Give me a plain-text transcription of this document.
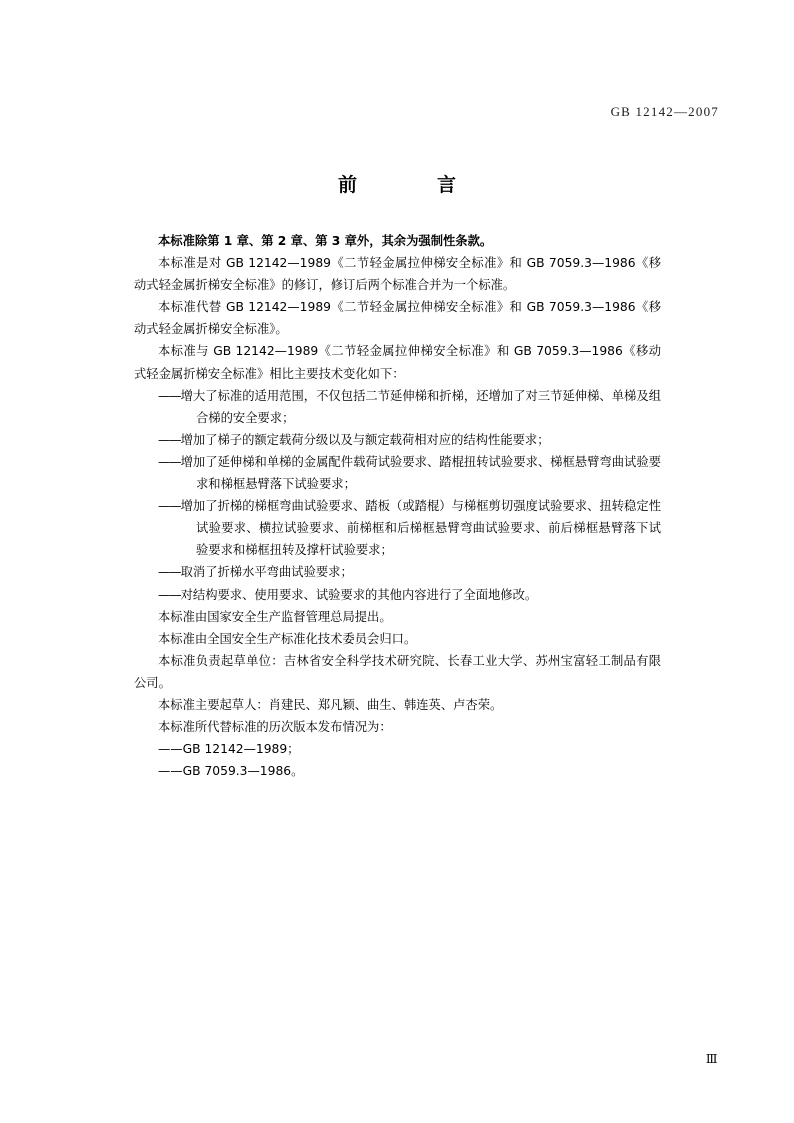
GB 12142—2007
前　　言

本标准除第 1 章、第 2 章、第 3 章外，其余为强制性条款。

本标准是对 GB 12142—1989《二节轻金属拉伸梯安全标准》和 GB 7059.3—1986《移动式轻金属折梯安全标准》的修订，修订后两个标准合并为一个标准。

本标准代替 GB 12142—1989《二节轻金属拉伸梯安全标准》和 GB 7059.3—1986《移动式轻金属折梯安全标准》。

本标准与 GB 12142—1989《二节轻金属拉伸梯安全标准》和 GB 7059.3—1986《移动式轻金属折梯安全标准》相比主要技术变化如下：

——增大了标准的适用范围，不仅包括二节延伸梯和折梯，还增加了对三节延伸梯、单梯及组合梯的安全要求；

——增加了梯子的额定载荷分级以及与额定载荷相对应的结构性能要求；

——增加了延伸梯和单梯的金属配件载荷试验要求、踏棍扭转试验要求、梯框悬臂弯曲试验要求和梯框悬臂落下试验要求；

——增加了折梯的梯框弯曲试验要求、踏板（或踏棍）与梯框剪切强度试验要求、扭转稳定性试验要求、横拉试验要求、前梯框和后梯框悬臂弯曲试验要求、前后梯框悬臂落下试验要求和梯框扭转及撑杆试验要求；

——取消了折梯水平弯曲试验要求；

——对结构要求、使用要求、试验要求的其他内容进行了全面地修改。

本标准由国家安全生产监督管理总局提出。

本标准由全国安全生产标准化技术委员会归口。

本标准负责起草单位：吉林省安全科学技术研究院、长春工业大学、苏州宝富轻工制品有限公司。

本标准主要起草人：肖建民、郑凡颖、曲生、韩连英、卢杏荣。

本标准所代替标准的历次版本发布情况为：

——GB 12142—1989；

——GB 7059.3—1986。

Ⅲ
